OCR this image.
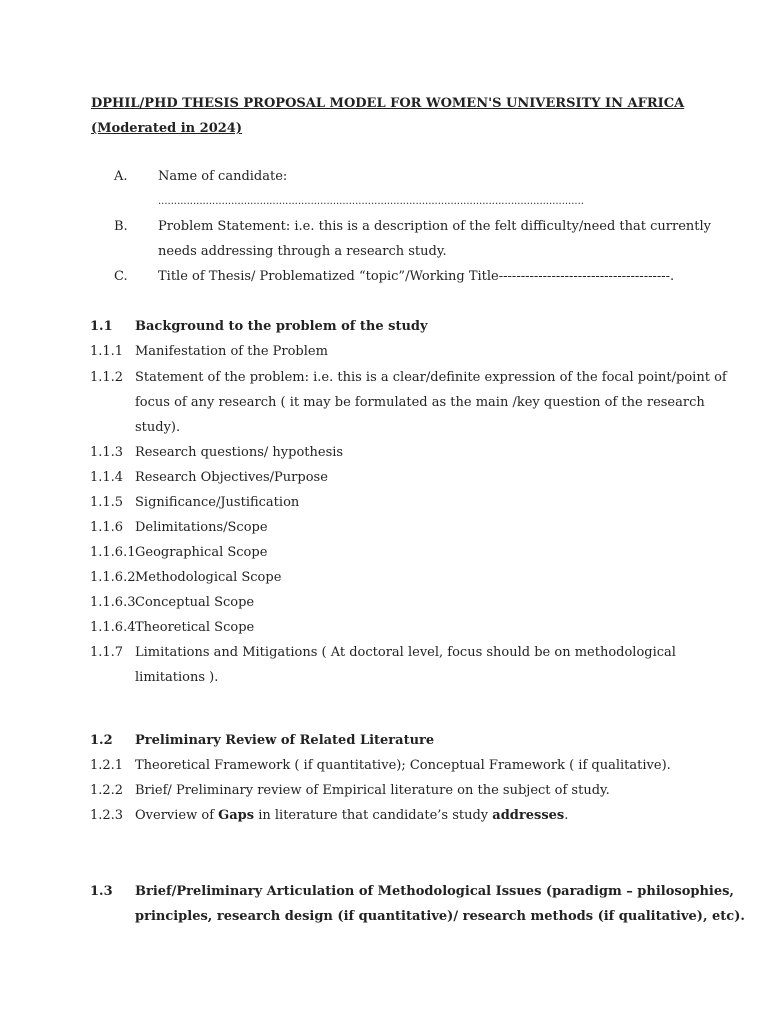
DPHIL/PHD THESIS PROPOSAL MODEL FOR WOMEN'S UNIVERSITY IN AFRICA (Moderated in 2024)
A. Name of candidate:
......................................................................................................................................
B. Problem Statement: i.e. this is a description of the felt difficulty/need that currently
needs addressing through a research study.
C. Title of Thesis/ Problematized “topic”/Working Title---------------------------------------.
1.1 Background to the problem of the study
1.1.1 Manifestation of the Problem
1.1.2 Statement of the problem: i.e. this is a clear/definite expression of the focal point/point of
focus of any research ( it may be formulated as the main /key question of the research
study).
1.1.3 Research questions/ hypothesis
1.1.4 Research Objectives/Purpose
1.1.5 Significance/Justification
1.1.6 Delimitations/Scope
1.1.6.1 Geographical Scope
1.1.6.2 Methodological Scope
1.1.6.3 Conceptual Scope
1.1.6.4 Theoretical Scope
1.1.7 Limitations and Mitigations ( At doctoral level, focus should be on methodological
limitations ).
1.2 Preliminary Review of Related Literature
1.2.1 Theoretical Framework ( if quantitative); Conceptual Framework ( if qualitative).
1.2.2 Brief/ Preliminary review of Empirical literature on the subject of study.
1.2.3 Overview of Gaps in literature that candidate’s study addresses.
1.3 Brief/Preliminary Articulation of Methodological Issues (paradigm – philosophies,
principles, research design (if quantitative)/ research methods (if qualitative), etc).
